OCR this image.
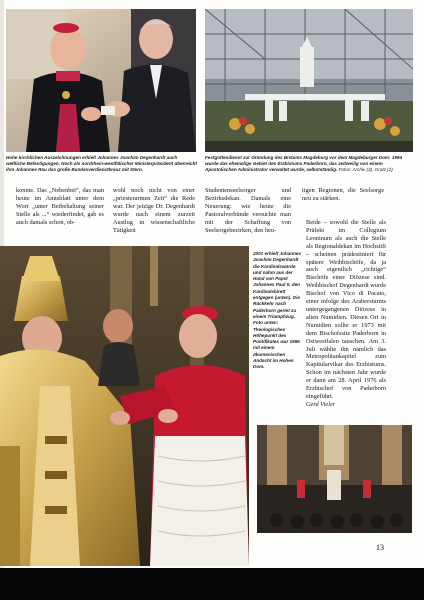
Hohe kirchlichen Auszeichnungen erhielt Johannes Joachim Degenhardt auch weltliche Befestigungen. Noch als nordrhein-westfälischer Ministerpräsident überreicht ihm Johannes Rau das große Bundesverdienstkreuz mit Stern.
Festgottesdienst zur Gründung des Bistums Magdeburg vor dem Magdeburger Dom: 1994 wurde das ehemalige Gebiet des Erzbistums Paderborn, das zeitweilig von einem Apostolischen Administrator verwaltet wurde, selbstständig. Fotos: Archiv (3), Gratz (2)
konnte. Das „Nebenbei“, das man heute im Amtsblatt unter dem Wort „unter Beibehaltung seiner Stelle als ...“ wiederfindet, gab es auch damals schon, ob-
wohl noch nicht von einer „priesterarmen Zeit“ die Rede war. Der jetzige Dr. Degenhardt wurde nach einem zurzeit Austlug in wissenschaftliche Tätigkeit
Studentenseelsorger und Bezirksdekan. Damals eine Neuerung: wie heute die Pastoralverbünde versuchte man mit der Schaffung von Seelsorgebezirken, den heu-
tigen Regionen, die Seelsorge neu zu stärken.
2001 erhielt Johannes Joachim Degenhardt die Kardinalswürde und nahm aus der Hand von Papst Johannes Paul II. den Kardinalsbirett entgegen (unten). Die Rückkehr nach Paderborn geriet zu einem Triumphzug. Foto unten: Theologisches Höhepunkt des Pontifikates war 1996 mit einem ökumenischen Andacht im Hohen Dom.

Beide – sowohl die Stelle als Präfekt im Collegium Leoninum als auch die Stelle als Regionaldekan im Hochstift – scheinen prädestiniert für spätere Weihbischöfe, da ja auch eigentlich „richtige“ Bischöfe einer Diözese sind. Weihbischof Degenhardt wurde Bischof von Vico di Pacato, einer infolge des Arabersturms untergegangenen Diözese in alten Numidien. Diesen Ort in Numidien sollte er 1973 mit dem Bischofssitz Paderborn in Ostwestfalen tauschen. Am 3. Juli wählte ihn nämlich das Metropolitankapitel zum Kapitularvikar des Erzbistums. Schon im nächsten Jahr wurde er dann am 28. April 1976 als Erzbischof von Paderborn eingeführt.

Gerd Vieler

13
